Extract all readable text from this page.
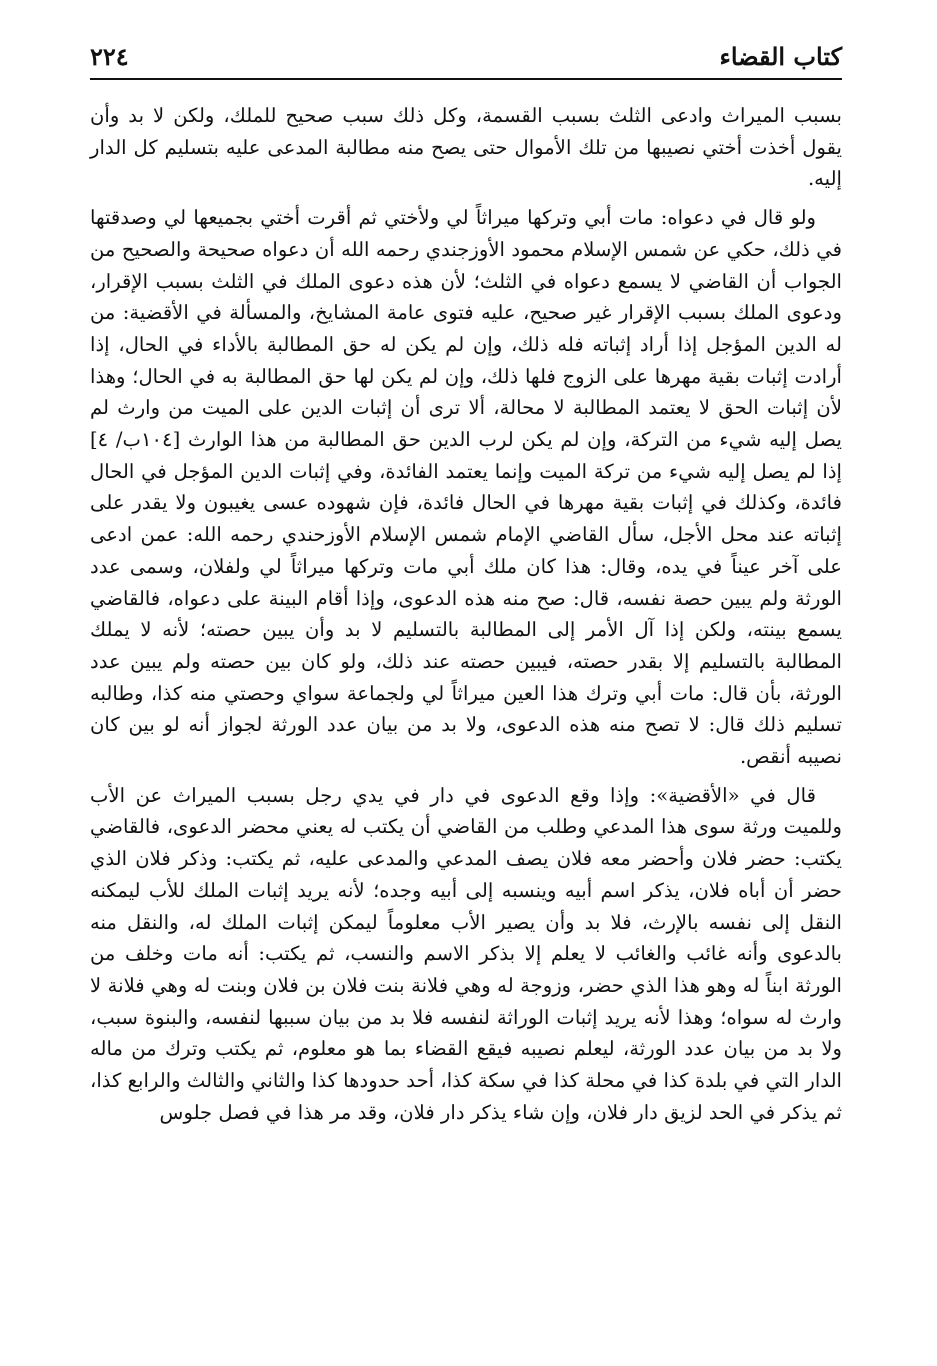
كتاب القضاء
٢٢٤

بسبب الميراث وادعى الثلث بسبب القسمة، وكل ذلك سبب صحيح للملك، ولكن لا بد وأن يقول أخذت أختي نصيبها من تلك الأموال حتى يصح منه مطالبة المدعى عليه بتسليم كل الدار إليه.

ولو قال في دعواه: مات أبي وتركها ميراثاً لي ولأختي ثم أقرت أختي بجميعها لي وصدقتها في ذلك، حكي عن شمس الإسلام محمود الأوزجندي رحمه الله أن دعواه صحيحة والصحيح من الجواب أن القاضي لا يسمع دعواه في الثلث؛ لأن هذه دعوى الملك في الثلث بسبب الإقرار، ودعوى الملك بسبب الإقرار غير صحيح، عليه فتوى عامة المشايخ، والمسألة في الأقضية: من له الدين المؤجل إذا أراد إثباته فله ذلك، وإن لم يكن له حق المطالبة بالأداء في الحال، إذا أرادت إثبات بقية مهرها على الزوج فلها ذلك، وإن لم يكن لها حق المطالبة به في الحال؛ وهذا لأن إثبات الحق لا يعتمد المطالبة لا محالة، ألا ترى أن إثبات الدين على الميت من وارث لم يصل إليه شيء من التركة، وإن لم يكن لرب الدين حق المطالبة من هذا الوارث [١٠٤ب/ ٤] إذا لم يصل إليه شيء من تركة الميت وإنما يعتمد الفائدة، وفي إثبات الدين المؤجل في الحال فائدة، وكذلك في إثبات بقية مهرها في الحال فائدة، فإن شهوده عسى يغيبون ولا يقدر على إثباته عند محل الأجل، سأل القاضي الإمام شمس الإسلام الأوزحندي رحمه الله: عمن ادعى على آخر عيناً في يده، وقال: هذا كان ملك أبي مات وتركها ميراثاً لي ولفلان، وسمى عدد الورثة ولم يبين حصة نفسه، قال: صح منه هذه الدعوى، وإذا أقام البينة على دعواه، فالقاضي يسمع بينته، ولكن إذا آل الأمر إلى المطالبة بالتسليم لا بد وأن يبين حصته؛ لأنه لا يملك المطالبة بالتسليم إلا بقدر حصته، فيبين حصته عند ذلك، ولو كان بين حصته ولم يبين عدد الورثة، بأن قال: مات أبي وترك هذا العين ميراثاً لي ولجماعة سواي وحصتي منه كذا، وطالبه تسليم ذلك قال: لا تصح منه هذه الدعوى، ولا بد من بيان عدد الورثة لجواز أنه لو بين كان نصيبه أنقص.

قال في «الأقضية»: وإذا وقع الدعوى في دار في يدي رجل بسبب الميراث عن الأب وللميت ورثة سوى هذا المدعي وطلب من القاضي أن يكتب له يعني محضر الدعوى، فالقاضي يكتب: حضر فلان وأحضر معه فلان يصف المدعي والمدعى عليه، ثم يكتب: وذكر فلان الذي حضر أن أباه فلان، يذكر اسم أبيه وينسبه إلى أبيه وجده؛ لأنه يريد إثبات الملك للأب ليمكنه النقل إلى نفسه بالإرث، فلا بد وأن يصير الأب معلوماً ليمكن إثبات الملك له، والنقل منه بالدعوى وأنه غائب والغائب لا يعلم إلا بذكر الاسم والنسب، ثم يكتب: أنه مات وخلف من الورثة ابناً له وهو هذا الذي حضر، وزوجة له وهي فلانة بنت فلان بن فلان وبنت له وهي فلانة لا وارث له سواه؛ وهذا لأنه يريد إثبات الوراثة لنفسه فلا بد من بيان سببها لنفسه، والبنوة سبب، ولا بد من بيان عدد الورثة، ليعلم نصيبه فيقع القضاء بما هو معلوم، ثم يكتب وترك من ماله الدار التي في بلدة كذا في محلة كذا في سكة كذا، أحد حدودها كذا والثاني والثالث والرابع كذا، ثم يذكر في الحد لزيق دار فلان، وإن شاء يذكر دار فلان، وقد مر هذا في فصل جلوس
